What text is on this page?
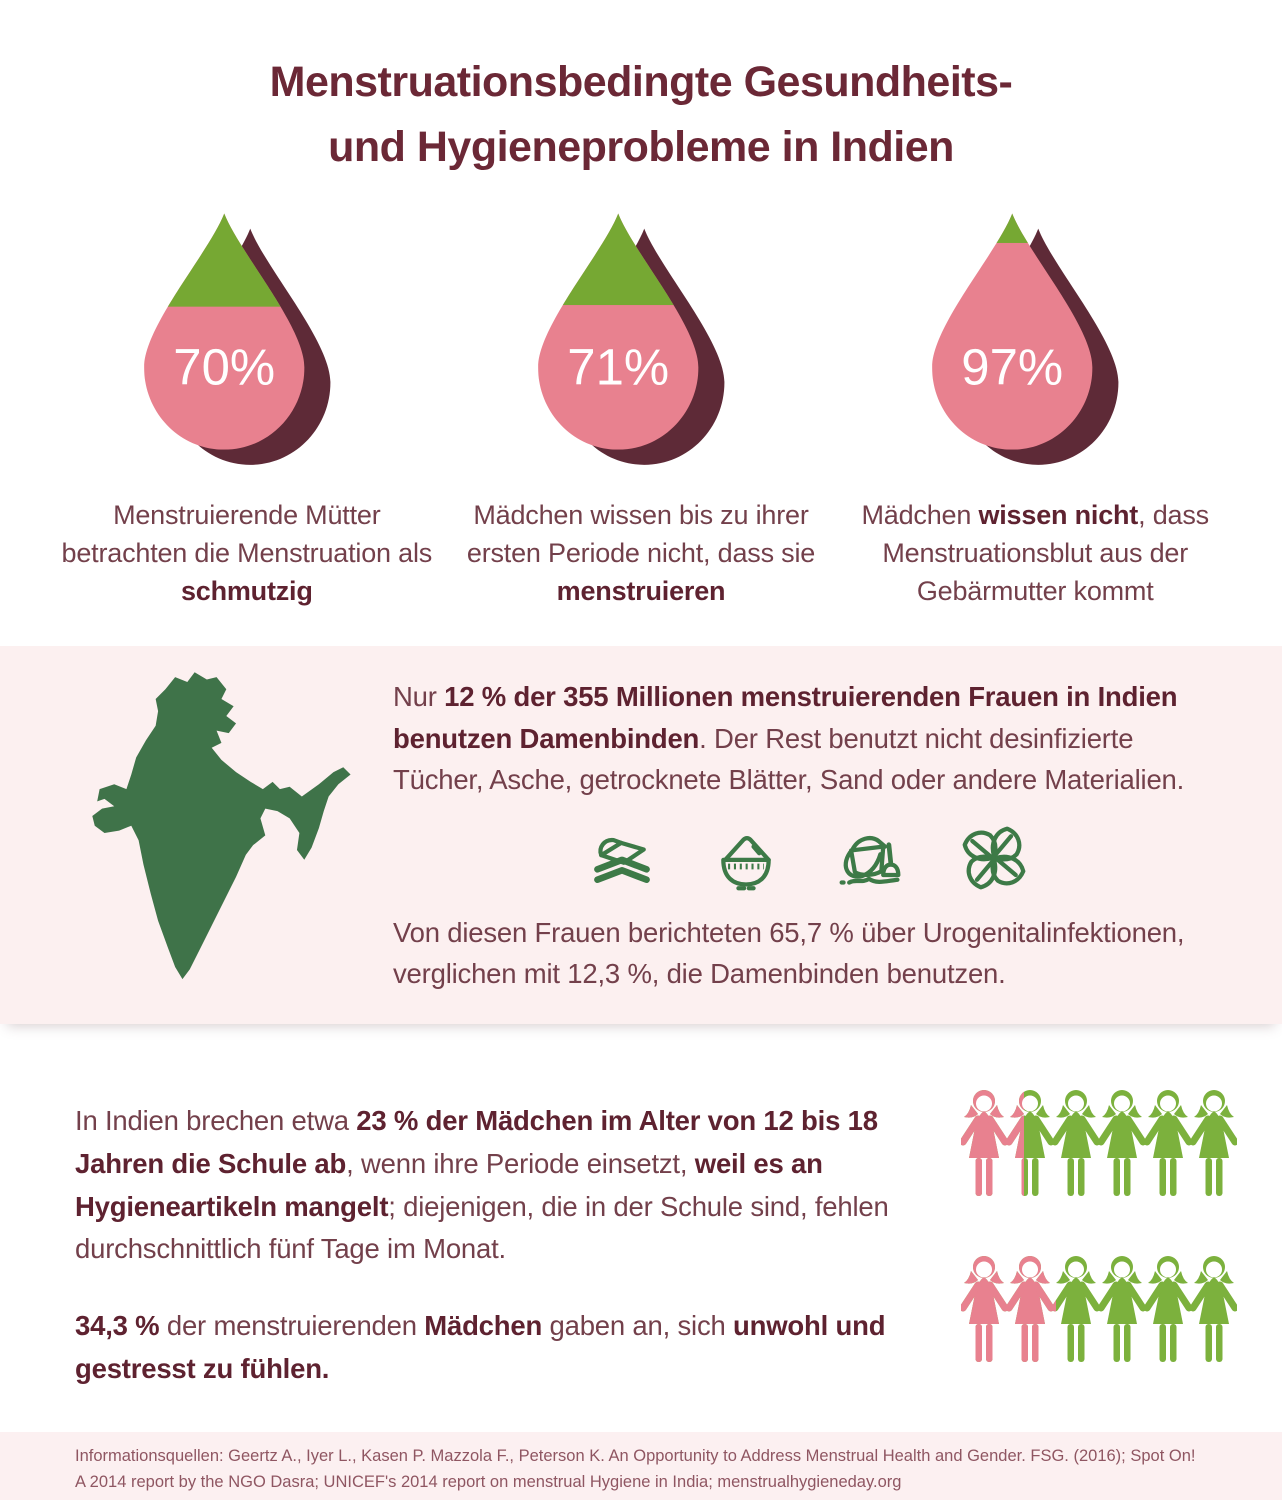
Menstruationsbedingte Gesundheits-
und Hygieneprobleme in Indien
70%
Menstruierende Mütter betrachten die Menstruation als schmutzig
71%
Mädchen wissen bis zu ihrer ersten Periode nicht, dass sie menstruieren
97%
Mädchen wissen nicht, dass Menstruationsblut aus der Gebärmutter kommt

Nur 12 % der 355 Millionen menstruierenden Frauen in Indien benutzen Damenbinden. Der Rest benutzt nicht desinfizierte Tücher, Asche, getrocknete Blätter, Sand oder andere Materialien.

Von diesen Frauen berichteten 65,7 % über Urogenitalinfektionen, verglichen mit 12,3 %, die Damenbinden benutzen.

In Indien brechen etwa 23 % der Mädchen im Alter von 12 bis 18 Jahren die Schule ab, wenn ihre Periode einsetzt, weil es an Hygieneartikeln mangelt; diejenigen, die in der Schule sind, fehlen durchschnittlich fünf Tage im Monat.

34,3 % der menstruierenden Mädchen gaben an, sich unwohl und gestresst zu fühlen.

Informationsquellen: Geertz A., Iyer L., Kasen P. Mazzola F., Peterson K. An Opportunity to Address Menstrual Health and Gender. FSG. (2016); Spot On! A 2014 report by the NGO Dasra; UNICEF's 2014 report on menstrual Hygiene in India; menstrualhygieneday.org
